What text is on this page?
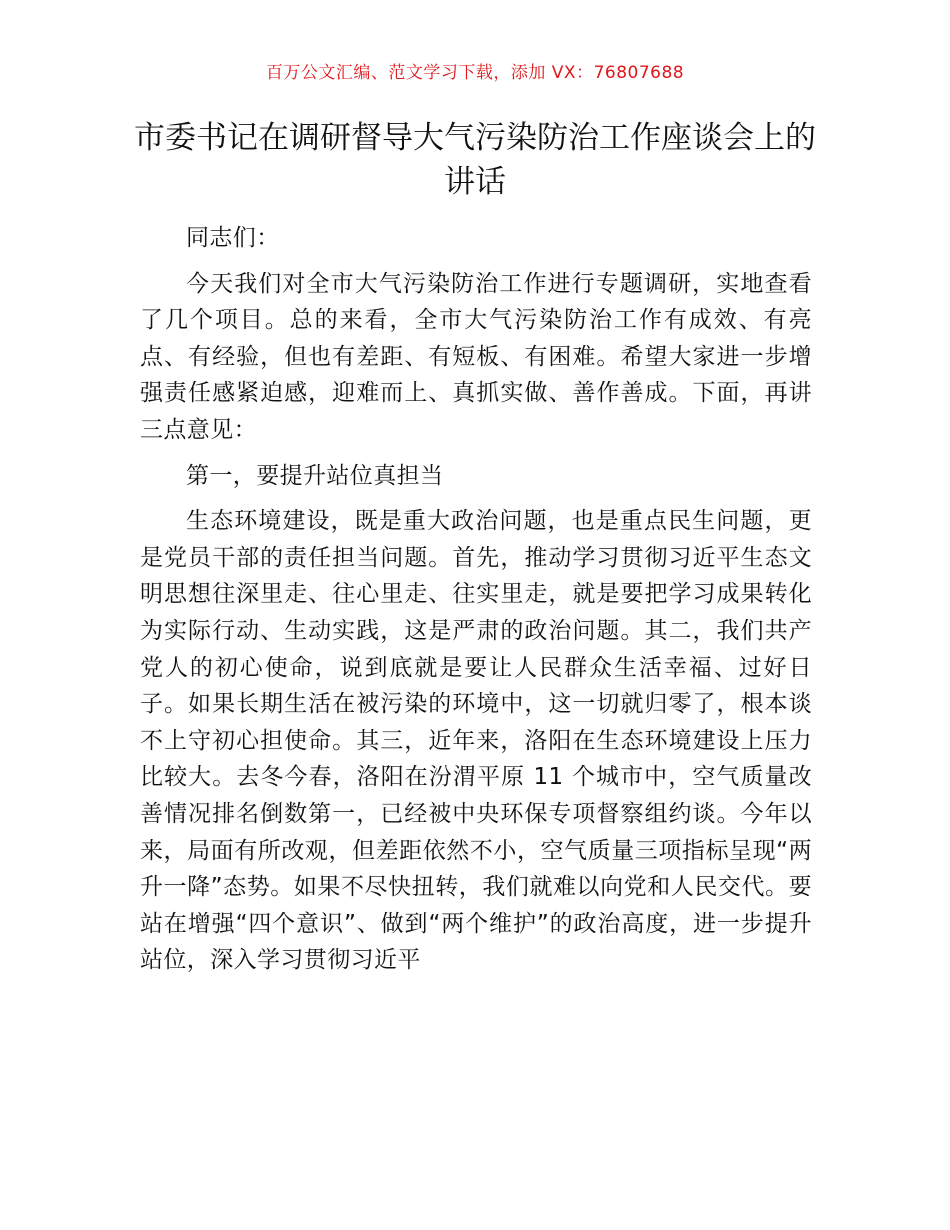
百万公文汇编、范文学习下载，添加 VX：76807688
市委书记在调研督导大气污染防治工作座谈会上的讲话

同志们：

今天我们对全市大气污染防治工作进行专题调研，实地查看了几个项目。总的来看，全市大气污染防治工作有成效、有亮点、有经验，但也有差距、有短板、有困难。希望大家进一步增强责任感紧迫感，迎难而上、真抓实做、善作善成。下面，再讲三点意见：

第一，要提升站位真担当

生态环境建设，既是重大政治问题，也是重点民生问题，更是党员干部的责任担当问题。首先，推动学习贯彻习近平生态文明思想往深里走、往心里走、往实里走，就是要把学习成果转化为实际行动、生动实践，这是严肃的政治问题。其二，我们共产党人的初心使命，说到底就是要让人民群众生活幸福、过好日子。如果长期生活在被污染的环境中，这一切就归零了，根本谈不上守初心担使命。其三，近年来，洛阳在生态环境建设上压力比较大。去冬今春，洛阳在汾渭平原 11 个城市中，空气质量改善情况排名倒数第一，已经被中央环保专项督察组约谈。今年以来，局面有所改观，但差距依然不小，空气质量三项指标呈现“两升一降”态势。如果不尽快扭转，我们就难以向党和人民交代。要站在增强“四个意识”、做到“两个维护”的政治高度，进一步提升站位，深入学习贯彻习近平
